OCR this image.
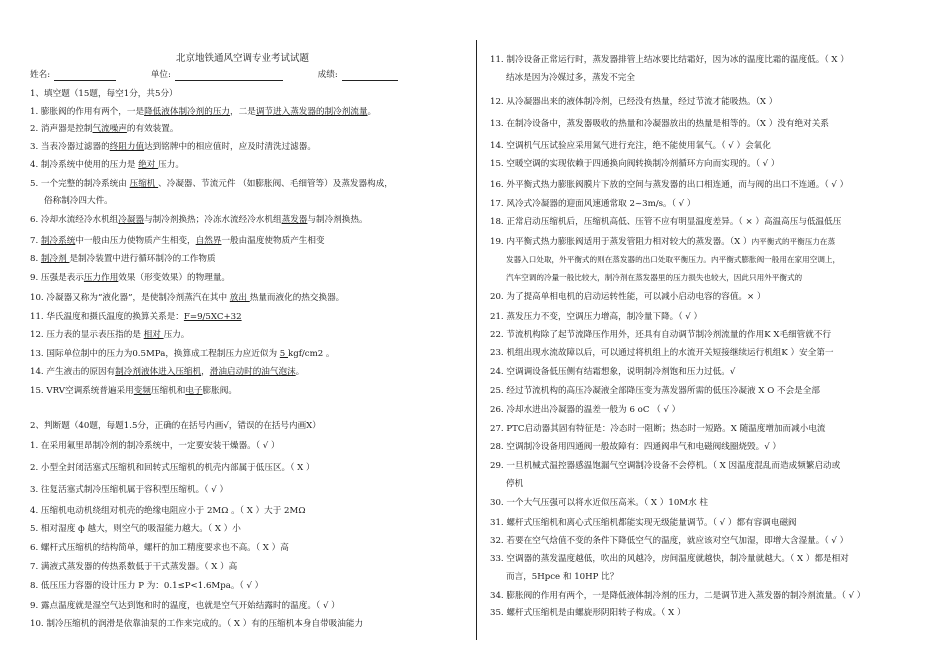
北京地铁通风空调专业考试试题
姓名:	单位:	成绩:
1、填空题（15题，每空1分，共5分）
1. 膨胀阀的作用有两个，一是降低液体制冷剂的压力，二是调节进入蒸发器的制冷剂流量。
2. 消声器是控制气流噪声的有效装置。
3. 当表冷器过滤器的终阻力值达到铭牌中的相应值时，应及时清洗过滤器。
4. 制冷系统中使用的压力是 绝对 压力。
5. 一个完整的制冷系统由 压缩机 、冷凝器、节流元件 （如膨胀阀、毛细管等）及蒸发器构成，
俗称制冷四大件。
6. 冷却水流经冷水机组冷凝器与制冷剂换热；冷冻水流经冷水机组蒸发器与制冷剂换热。
7. 制冷系统中一般由压力使物质产生相变，自然界一般由温度使物质产生相变
8. 制冷剂 是制冷装置中进行循环制冷的工作物质
9. 压强是表示压力作用效果（形变效果）的物理量。
10. 冷凝器又称为“液化器”，是使制冷剂蒸汽在其中 放出 热量而液化的热交换器。
11. 华氏温度和摄氏温度的换算关系是：F=9/5XC+32
12. 压力表的显示表压指的是 相对 压力。
13. 国际单位制中的压力为0.5MPa，换算成工程制压力应近似为 5 kgf/cm2 。
14. 产生液击的原因有制冷剂液体进入压缩机，滑油启动时的油气泡沫。
15. VRV空调系统普遍采用变频压缩机和电子膨胀阀。
2、判断题（40题，每题1.5分，正确的在括号内画√，错误的在括号内画X）
1. 在采用氟里昂制冷剂的制冷系统中，一定要安装干燥器。（ √ ）
2. 小型全封闭活塞式压缩机和回转式压缩机的机壳内部属于低压区。（ X ）
3. 往复活塞式制冷压缩机属于容积型压缩机。（ √ ）
4. 压缩机电动机绕组对机壳的绝缘电阻应小于 2MΩ 。（ X ）大于 2MΩ
5. 相对湿度 ф 越大，则空气的吸湿能力越大。（ X ）小
6. 螺杆式压缩机的结构简单，螺杆的加工精度要求也不高。（ X ）高
7. 满液式蒸发器的传热系数低于干式蒸发器。（ X ）高
8. 低压压力容器的设计压力 P 为：0.1≤P<1.6Mpa。（ √ ）
9. 露点温度就是湿空气达到饱和时的温度，也就是空气开始结露时的温度。（ √ ）
10. 制冷压缩机的润滑是依靠油泵的工作来完成的。（ X ）有的压缩机本身自带吸油能力
11. 制冷设备正常运行时，蒸发器排管上结冰要比结霜好，因为冰的温度比霜的温度低。（ X ）
结冰是因为冷媒过多，蒸发不完全
12. 从冷凝器出来的液体制冷剂，已经没有热量，经过节流才能吸热。（X ）
13. 在制冷设备中，蒸发器吸收的热量和冷凝器放出的热量是相等的。（X ）没有绝对关系
14. 空调机气压试验应采用氮气进行充注，绝不能使用氧气。（ √ ）会氧化
15. 空暖空调的实现依赖于四通换向阀转换制冷剂循环方向而实现的。（ √ ）
16. 外平衡式热力膨胀阀膜片下放的空间与蒸发器的出口相连通，而与阀的出口不连通。（ √ ）
17. 风冷式冷凝器的迎面风速通常取 2~3m/s。（ √ ）
18. 正常启动压缩机后，压缩机高低、压管不应有明显温度差异。（ × ）高温高压与低温低压
19. 内平衡式热力膨胀阀适用于蒸发管阻力相对较大的蒸发器。（X ）内平衡式的平衡压力在蒸
发器入口处取，外平衡式的则在蒸发器的出口处取平衡压力。内平衡式膨胀阀一般用在家用空调上，
汽车空调的冷量一般比较大，制冷剂在蒸发器里的压力损失也较大，因此只用外平衡式的
20. 为了提高单相电机的启动运转性能，可以减小启动电容的容值。× ）
21. 蒸发压力不变，空调压力增高，制冷量下降。（ √ ）
22. 节流机构除了起节流降压作用外，还具有自动调节制冷剂流量的作用K X毛细管就不行
23. 机组出现水流故障以后，可以通过将机组上的水流开关短接继续运行机组K ）安全第一
24. 空调调设备低压侧有结霜想象，说明制冷剂饱和压力过低。√
25. 经过节流机构的高压冷凝液全部降压变为蒸发器所需的低压冷凝液 X O 不会是全部
26. 冷却水进出冷凝器的温差一般为 6 oC （ √ ）
27. PTC启动器其固有特征是：冷态时一阻断；热态时一短路。X 随温度增加而减小电流
28. 空调制冷设备用四通阀一般故障有：四通阀串气和电磁阀线圈烧毁。√ ）
29. 一旦机械式温控器感温饱漏气空调制冷设备不会停机。（ X 因温度混乱而造成频繁启动或
停机
30. 一个大气压强可以将水近似压高米。（ X ）10M水 柱
31. 螺杆式压缩机和离心式压缩机都能实现无级能量调节。（ √ ）都有容调电磁阀
32. 若要在空气焓值不变的条件下降低空气的温度，就应该对空气加湿，即增大含湿量。（ √ ）
33. 空调器的蒸发温度越低，吹出的风越冷，房间温度就越快，制冷量就越大。（ X ）都是相对
而言，5Hpce 和 10HP 比？
34. 膨胀阀的作用有两个，一是降低液体制冷剂的压力，二是调节进入蒸发器的制冷剂流量。（ √ ）
35. 螺杆式压缩机是由螺旋形阴阳转子构成。（ X ）
